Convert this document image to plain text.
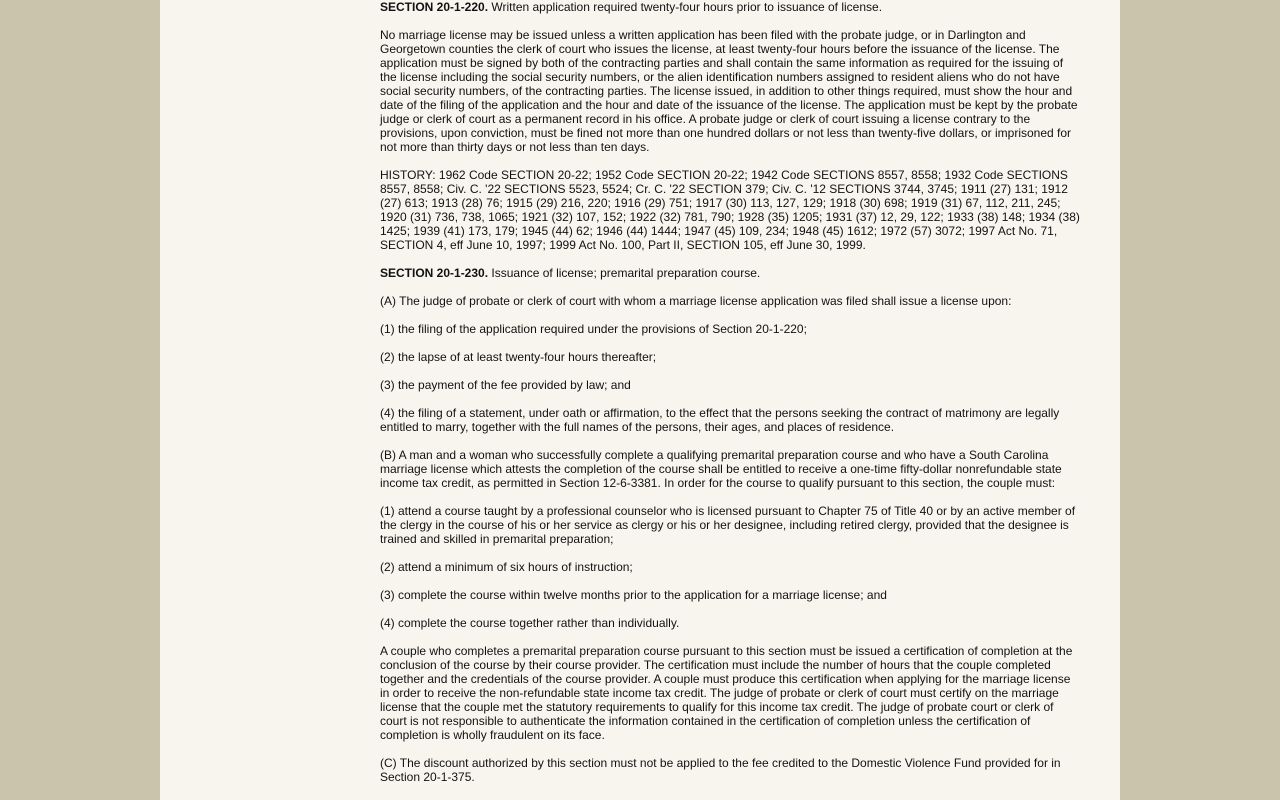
SECTION 20-1-220. Written application required twenty-four hours prior to issuance of license.

No marriage license may be issued unless a written application has been filed with the probate judge, or in Darlington and Georgetown counties the clerk of court who issues the license, at least twenty-four hours before the issuance of the license. The application must be signed by both of the contracting parties and shall contain the same information as required for the issuing of the license including the social security numbers, or the alien identification numbers assigned to resident aliens who do not have social security numbers, of the contracting parties. The license issued, in addition to other things required, must show the hour and date of the filing of the application and the hour and date of the issuance of the license. The application must be kept by the probate judge or clerk of court as a permanent record in his office. A probate judge or clerk of court issuing a license contrary to the provisions, upon conviction, must be fined not more than one hundred dollars or not less than twenty-five dollars, or imprisoned for not more than thirty days or not less than ten days.

HISTORY: 1962 Code SECTION 20-22; 1952 Code SECTION 20-22; 1942 Code SECTIONS 8557, 8558; 1932 Code SECTIONS 8557, 8558; Civ. C. '22 SECTIONS 5523, 5524; Cr. C. '22 SECTION 379; Civ. C. '12 SECTIONS 3744, 3745; 1911 (27) 131; 1912 (27) 613; 1913 (28) 76; 1915 (29) 216, 220; 1916 (29) 751; 1917 (30) 113, 127, 129; 1918 (30) 698; 1919 (31) 67, 112, 211, 245; 1920 (31) 736, 738, 1065; 1921 (32) 107, 152; 1922 (32) 781, 790; 1928 (35) 1205; 1931 (37) 12, 29, 122; 1933 (38) 148; 1934 (38) 1425; 1939 (41) 173, 179; 1945 (44) 62; 1946 (44) 1444; 1947 (45) 109, 234; 1948 (45) 1612; 1972 (57) 3072; 1997 Act No. 71, SECTION 4, eff June 10, 1997; 1999 Act No. 100, Part II, SECTION 105, eff June 30, 1999.

SECTION 20-1-230. Issuance of license; premarital preparation course.

(A) The judge of probate or clerk of court with whom a marriage license application was filed shall issue a license upon:

(1) the filing of the application required under the provisions of Section 20-1-220;

(2) the lapse of at least twenty-four hours thereafter;

(3) the payment of the fee provided by law; and

(4) the filing of a statement, under oath or affirmation, to the effect that the persons seeking the contract of matrimony are legally entitled to marry, together with the full names of the persons, their ages, and places of residence.

(B) A man and a woman who successfully complete a qualifying premarital preparation course and who have a South Carolina marriage license which attests the completion of the course shall be entitled to receive a one-time fifty-dollar nonrefundable state income tax credit, as permitted in Section 12-6-3381. In order for the course to qualify pursuant to this section, the couple must:

(1) attend a course taught by a professional counselor who is licensed pursuant to Chapter 75 of Title 40 or by an active member of the clergy in the course of his or her service as clergy or his or her designee, including retired clergy, provided that the designee is trained and skilled in premarital preparation;

(2) attend a minimum of six hours of instruction;

(3) complete the course within twelve months prior to the application for a marriage license; and

(4) complete the course together rather than individually.

A couple who completes a premarital preparation course pursuant to this section must be issued a certification of completion at the conclusion of the course by their course provider. The certification must include the number of hours that the couple completed together and the credentials of the course provider. A couple must produce this certification when applying for the marriage license in order to receive the non-refundable state income tax credit. The judge of probate or clerk of court must certify on the marriage license that the couple met the statutory requirements to qualify for this income tax credit. The judge of probate court or clerk of court is not responsible to authenticate the information contained in the certification of completion unless the certification of completion is wholly fraudulent on its face.

(C) The discount authorized by this section must not be applied to the fee credited to the Domestic Violence Fund provided for in Section 20-1-375.
